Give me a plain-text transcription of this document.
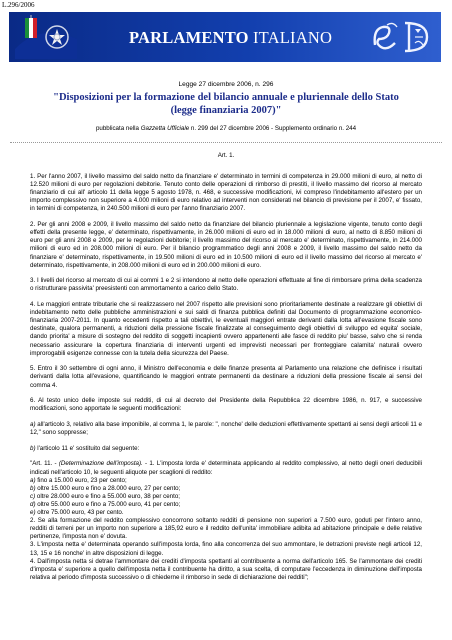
L.296/2006
PARLAMENTO ITALIANO
Legge 27 dicembre 2006, n. 296
"Disposizioni per la formazione del bilancio annuale e pluriennale dello Stato (legge finanziaria 2007)"
pubblicata nella Gazzetta Ufficiale n. 299 del 27 dicembre 2006 - Supplemento ordinario n. 244
Art. 1.

1. Per l'anno 2007, il livello massimo del saldo netto da finanziare e' determinato in termini di competenza in 29.000 milioni di euro, al netto di 12.520 milioni di euro per regolazioni debitorie. Tenuto conto delle operazioni di rimborso di prestiti, il livello massimo del ricorso al mercato finanziario di cui all' articolo 11 della legge 5 agosto 1978, n. 468, e successive modificazioni, ivi compreso l'indebitamento all'estero per un importo complessivo non superiore a 4.000 milioni di euro relativo ad interventi non considerati nel bilancio di previsione per il 2007, e' fissato, in termini di competenza, in 240.500 milioni di euro per l'anno finanziario 2007.

2. Per gli anni 2008 e 2009, il livello massimo del saldo netto da finanziare del bilancio pluriennale a legislazione vigente, tenuto conto degli effetti della presente legge, e' determinato, rispettivamente, in 26.000 milioni di euro ed in 18.000 milioni di euro, al netto di 8.850 milioni di euro per gli anni 2008 e 2009, per le regolazioni debitorie; il livello massimo del ricorso al mercato e' determinato, rispettivamente, in 214.000 milioni di euro ed in 208.000 milioni di euro. Per il bilancio programmatico degli anni 2008 e 2009, il livello massimo del saldo netto da finanziare e' determinato, rispettivamente, in 19.500 milioni di euro ed in 10.500 milioni di euro ed il livello massimo del ricorso al mercato e' determinato, rispettivamente, in 208.000 milioni di euro ed in 200.000 milioni di euro.

3. I livelli del ricorso al mercato di cui ai commi 1 e 2 si intendono al netto delle operazioni effettuate al fine di rimborsare prima della scadenza o ristrutturare passivita' preesistenti con ammortamento a carico dello Stato.

4. Le maggiori entrate tributarie che si realizzassero nel 2007 rispetto alle previsioni sono prioritariamente destinate a realizzare gli obiettivi di indebitamento netto delle pubbliche amministrazioni e sui saldi di finanza pubblica definiti dal Documento di programmazione economico-finanziaria 2007-2011. In quanto eccedenti rispetto a tali obiettivi, le eventuali maggiori entrate derivanti dalla lotta all'evasione fiscale sono destinate, qualora permanenti, a riduzioni della pressione fiscale finalizzate al conseguimento degli obiettivi di sviluppo ed equita' sociale, dando priorita' a misure di sostegno del reddito di soggetti incapienti ovvero appartenenti alle fasce di reddito piu' basse, salvo che si renda necessario assicurare la copertura finanziaria di interventi urgenti ed imprevisti necessari per fronteggiare calamita' naturali ovvero improrogabili esigenze connesse con la tutela della sicurezza del Paese.

5. Entro il 30 settembre di ogni anno, il Ministro dell'economia e delle finanze presenta al Parlamento una relazione che definisce i risultati derivanti dalla lotta all'evasione, quantificando le maggiori entrate permanenti da destinare a riduzioni della pressione fiscale ai sensi del comma 4.

6. Al testo unico delle imposte sui redditi, di cui al decreto del Presidente della Repubblica 22 dicembre 1986, n. 917, e successive modificazioni, sono apportate le seguenti modificazioni:

a) all'articolo 3, relativo alla base imponibile, al comma 1, le parole: ", nonche' delle deduzioni effettivamente spettanti ai sensi degli articoli 11 e 12," sono soppresse;

b) l'articolo 11 e' sostituito dal seguente:

"Art. 11. - (Determinazione dell'imposta). - 1. L'imposta lorda e' determinata applicando al reddito complessivo, al netto degli oneri deducibili indicati nell'articolo 10, le seguenti aliquote per scaglioni di reddito:

a) fino a 15.000 euro, 23 per cento;
b) oltre 15.000 euro e fino a 28.000 euro, 27 per cento;
c) oltre 28.000 euro e fino a 55.000 euro, 38 per cento;
d) oltre 55.000 euro e fino a 75.000 euro, 41 per cento;
e) oltre 75.000 euro, 43 per cento.

2. Se alla formazione del reddito complessivo concorrono soltanto redditi di pensione non superiori a 7.500 euro, goduti per l'intero anno, redditi di terreni per un importo non superiore a 185,92 euro e il reddito dell'unita' immobiliare adibita ad abitazione principale e delle relative pertinenze, l'imposta non e' dovuta.

3. L'imposta netta e' determinata operando sull'imposta lorda, fino alla concorrenza del suo ammontare, le detrazioni previste negli articoli 12, 13, 15 e 16 nonche' in altre disposizioni di legge.

4. Dall'imposta netta si detrae l'ammontare dei crediti d'imposta spettanti al contribuente a norma dell'articolo 165. Se l'ammontare dei crediti d'imposta e' superiore a quello dell'imposta netta il contribuente ha diritto, a sua scelta, di computare l'eccedenza in diminuzione dell'imposta relativa al periodo d'imposta successivo o di chiederne il rimborso in sede di dichiarazione dei redditi";
